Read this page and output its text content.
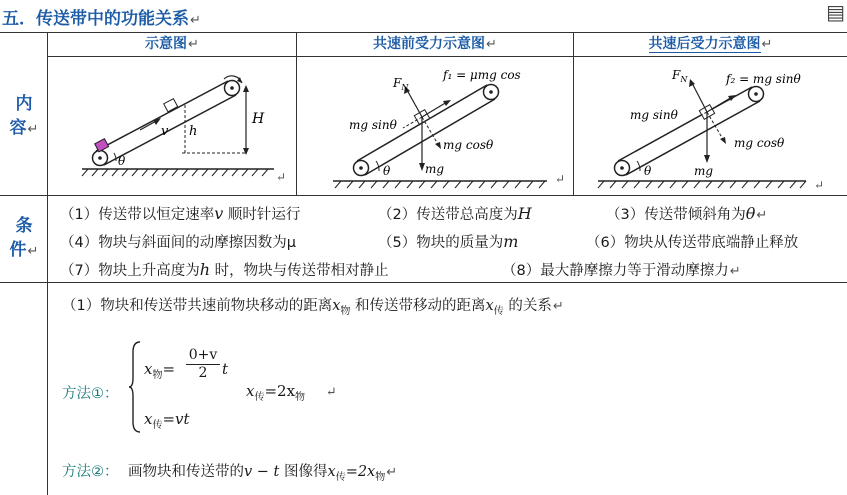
五．传送带中的功能关系↵	▤
示意图↵	共速前受力示意图↵	共速后受力示意图↵
内
容↵
条
件↵
v h
H
θ
↵
$F_N$
f₁ = μmg cos
mg
mg sinθ
mg cosθ
θ
↵
$F_N$	f₂ = mg sinθ
mg
mg sinθ
mg cosθ
θ
↵
（1）传送带以恒定速率v 顺时针运行	（2）传送带总高度为H	（3）传送带倾斜角为θ↵
（4）物块与斜面间的动摩擦因数为μ	（5）物块的质量为m	（6）物块从传送带底端静止释放
（7）物块上升高度为h 时，物块与传送带相对静止	（8）最大静摩擦力等于滑动摩擦力↵
（1）物块和传送带共速前物块移动的距离$x_物$ 和传送带移动的距离$x_传$ 的关系↵
方法①：
$x_物=$
0+v
2 t
$x_传=vt$
$x_传=2x_物$ ↵
方法②： 画物块和传送带的v − t 图像得$x_传=2x_物↵$
